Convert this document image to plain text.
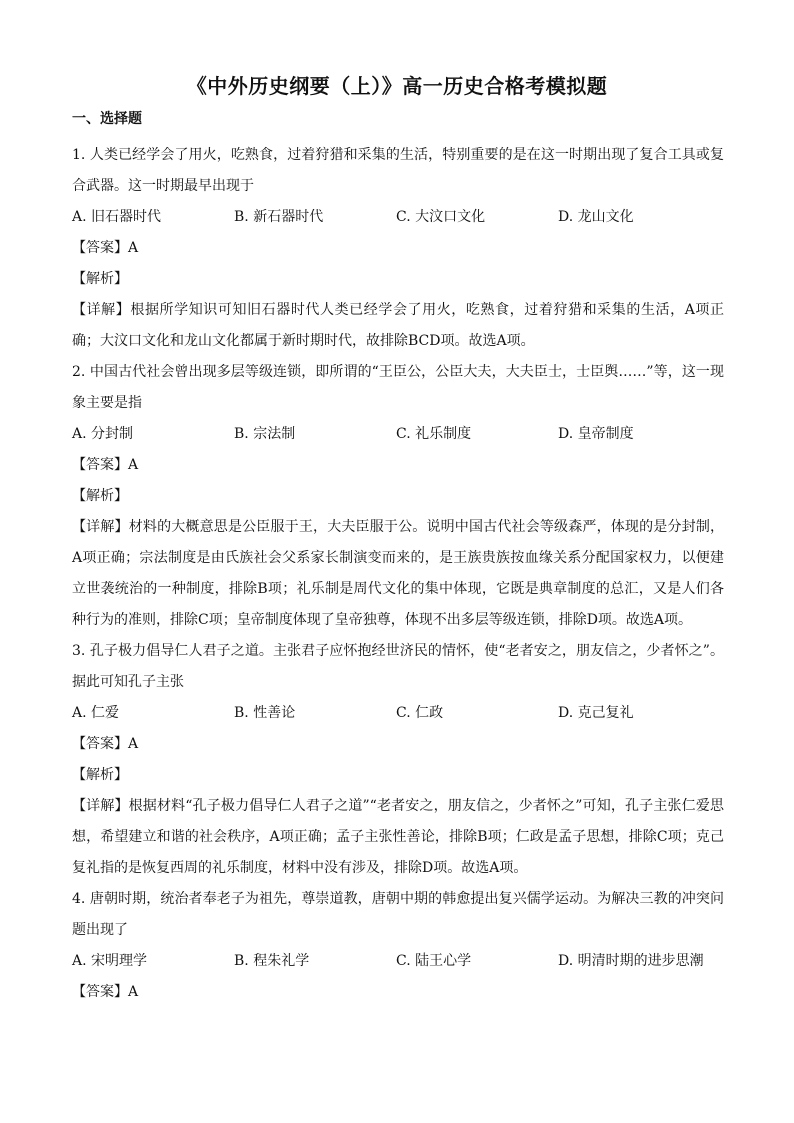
《中外历史纲要（上）》高一历史合格考模拟题
一、选择题

1. 人类已经学会了用火，吃熟食，过着狩猎和采集的生活，特别重要的是在这一时期出现了复合工具或复合武器。这一时期最早出现于

A. 旧石器时代	B. 新石器时代	C. 大汶口文化	D. 龙山文化

【答案】A

【解析】

【详解】根据所学知识可知旧石器时代人类已经学会了用火，吃熟食，过着狩猎和采集的生活，A项正确；大汶口文化和龙山文化都属于新时期时代，故排除BCD项。故选A项。

2. 中国古代社会曾出现多层等级连锁，即所谓的“王臣公，公臣大夫，大夫臣士，士臣舆……”等，这一现象主要是指

A. 分封制	B. 宗法制	C. 礼乐制度	D. 皇帝制度

【答案】A

【解析】

【详解】材料的大概意思是公臣服于王，大夫臣服于公。说明中国古代社会等级森严，体现的是分封制，A项正确；宗法制度是由氏族社会父系家长制演变而来的，是王族贵族按血缘关系分配国家权力，以便建立世袭统治的一种制度，排除B项；礼乐制是周代文化的集中体现，它既是典章制度的总汇，又是人们各种行为的准则，排除C项；皇帝制度体现了皇帝独尊，体现不出多层等级连锁，排除D项。故选A项。

3. 孔子极力倡导仁人君子之道。主张君子应怀抱经世济民的情怀，使“老者安之，朋友信之，少者怀之”。据此可知孔子主张

A. 仁爱	B. 性善论	C. 仁政	D. 克己复礼

【答案】A

【解析】

【详解】根据材料“孔子极力倡导仁人君子之道”“老者安之，朋友信之，少者怀之”可知，孔子主张仁爱思想，希望建立和谐的社会秩序，A项正确；孟子主张性善论，排除B项；仁政是孟子思想，排除C项；克己复礼指的是恢复西周的礼乐制度，材料中没有涉及，排除D项。故选A项。

4. 唐朝时期，统治者奉老子为祖先，尊崇道教，唐朝中期的韩愈提出复兴儒学运动。为解决三教的冲突问题出现了

A. 宋明理学	B. 程朱礼学	C. 陆王心学	D. 明清时期的进步思潮

【答案】A
